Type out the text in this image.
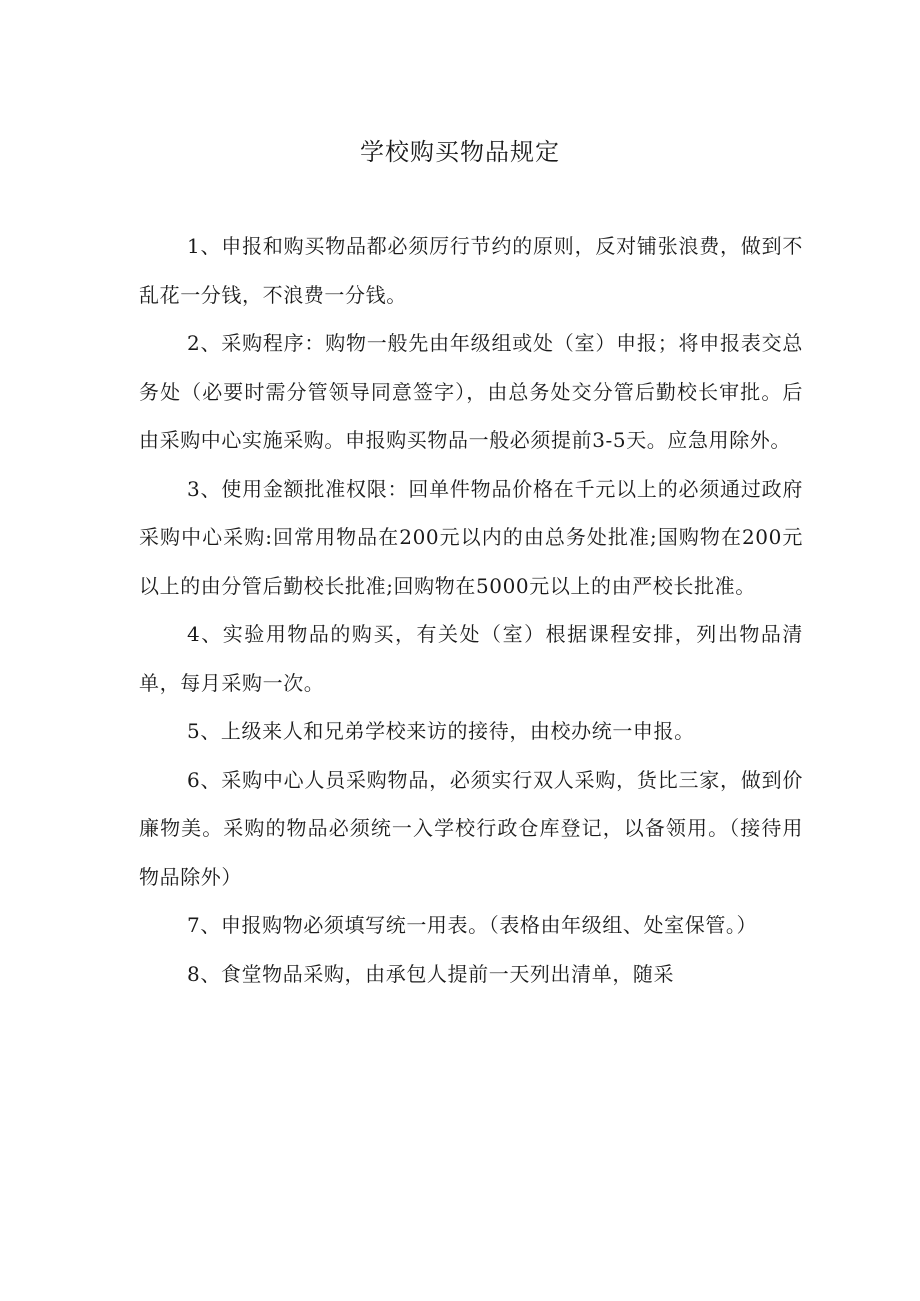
学校购买物品规定

1、申报和购买物品都必须厉行节约的原则，反对铺张浪费，做到不乱花一分钱，不浪费一分钱。

2、采购程序：购物一般先由年级组或处（室）申报；将申报表交总务处（必要时需分管领导同意签字），由总务处交分管后勤校长审批。后由采购中心实施采购。申报购买物品一般必须提前3-5天。应急用除外。

3、使用金额批准权限：回单件物品价格在千元以上的必须通过政府采购中心采购:回常用物品在200元以内的由总务处批准;国购物在200元以上的由分管后勤校长批准;回购物在5000元以上的由严校长批准。

4、实验用物品的购买，有关处（室）根据课程安排，列出物品清单，每月采购一次。

5、上级来人和兄弟学校来访的接待，由校办统一申报。

6、采购中心人员采购物品，必须实行双人采购，货比三家，做到价廉物美。采购的物品必须统一入学校行政仓库登记，以备领用。（接待用物品除外）

7、申报购物必须填写统一用表。（表格由年级组、处室保管。）

8、食堂物品采购，由承包人提前一天列出清单，随采
